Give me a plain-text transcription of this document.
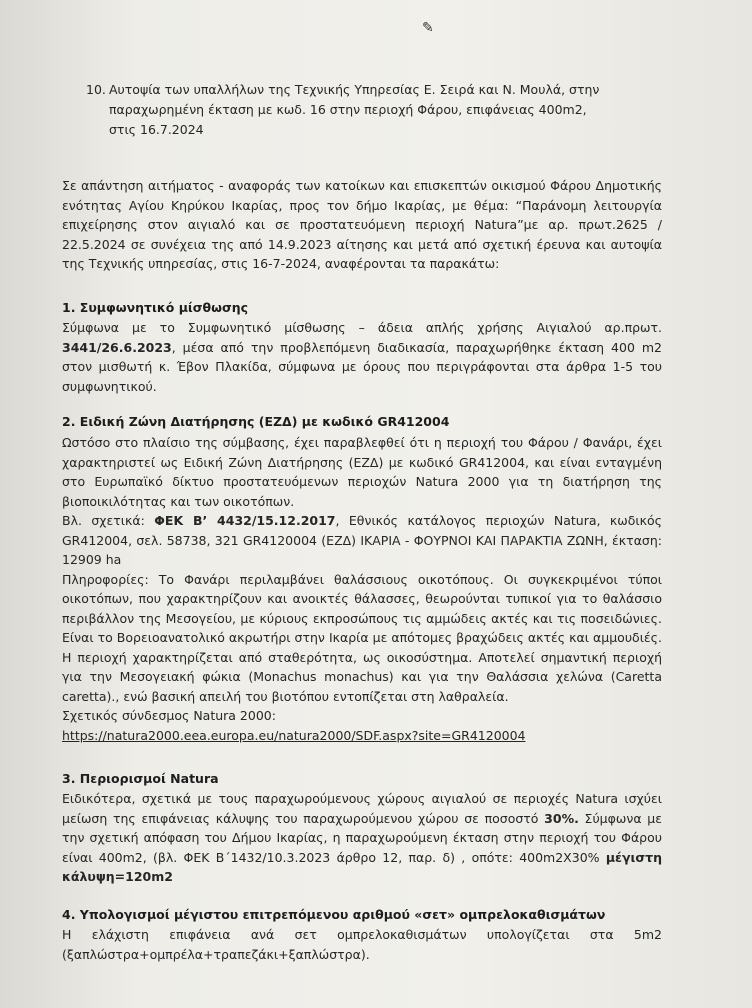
✎
10. Αυτοψία των υπαλλήλων της Τεχνικής Υπηρεσίας Ε. Σειρά και Ν. Μουλά, στην παραχωρημένη έκταση με κωδ. 16 στην περιοχή Φάρου, επιφάνειας 400m2, στις 16.7.2024
Σε απάντηση αιτήματος - αναφοράς των κατοίκων και επισκεπτών οικισμού Φάρου Δημοτικής ενότητας Αγίου Κηρύκου Ικαρίας, προς τον δήμο Ικαρίας, με θέμα: “Παράνομη λειτουργία επιχείρησης στον αιγιαλό και σε προστατευόμενη περιοχή Natura”με αρ. πρωτ.2625 / 22.5.2024 σε συνέχεια της από 14.9.2023 αίτησης και μετά από σχετική έρευνα και αυτοψία της Τεχνικής υπηρεσίας, στις 16-7-2024, αναφέρονται τα παρακάτω:
1. Συμφωνητικό μίσθωσης
Σύμφωνα με το Συμφωνητικό μίσθωσης – άδεια απλής χρήσης Αιγιαλού αρ.πρωτ. 3441/26.6.2023, μέσα από την προβλεπόμενη διαδικασία, παραχωρήθηκε έκταση 400 m2 στον μισθωτή κ. Έβον Πλακίδα, σύμφωνα με όρους που περιγράφονται στα άρθρα 1-5 του συμφωνητικού.
2. Ειδική Ζώνη Διατήρησης (ΕΖΔ) με κωδικό GR412004
Ωστόσο στο πλαίσιο της σύμβασης, έχει παραβλεφθεί ότι η περιοχή του Φάρου / Φανάρι, έχει χαρακτηριστεί ως Ειδική Ζώνη Διατήρησης (ΕΖΔ) με κωδικό GR412004, και είναι ενταγμένη στο Ευρωπαϊκό δίκτυο προστατευόμενων περιοχών Natura 2000 για τη διατήρηση της βιοποικιλότητας και των οικοτόπων.
Βλ. σχετικά: ΦΕΚ Β’ 4432/15.12.2017, Εθνικός κατάλογος περιοχών Natura, κωδικός GR412004, σελ. 58738, 321 GR4120004 (ΕΖΔ) ΙΚΑΡΙΑ - ΦΟΥΡΝΟΙ ΚΑΙ ΠΑΡΑΚΤΙΑ ΖΩΝΗ, έκταση: 12909 ha
Πληροφορίες: Το Φανάρι περιλαμβάνει θαλάσσιους οικοτόπους. Οι συγκεκριμένοι τύποι οικοτόπων, που χαρακτηρίζουν και ανοικτές θάλασσες, θεωρούνται τυπικοί για το θαλάσσιο περιβάλλον της Μεσογείου, με κύριους εκπροσώπους τις αμμώδεις ακτές και τις ποσειδώνιες. Είναι το Βορειοανατολικό ακρωτήρι στην Ικαρία με απότομες βραχώδεις ακτές και αμμουδιές. Η περιοχή χαρακτηρίζεται από σταθερότητα, ως οικοσύστημα. Αποτελεί σημαντική περιοχή για την Μεσογειακή φώκια (Monachus monachus) και για την Θαλάσσια χελώνα (Caretta caretta)., ενώ βασική απειλή του βιοτόπου εντοπίζεται στη λαθραλεία.
Σχετικός σύνδεσμος Natura 2000:
https://natura2000.eea.europa.eu/natura2000/SDF.aspx?site=GR4120004
3. Περιορισμοί Natura
Ειδικότερα, σχετικά με τους παραχωρούμενους χώρους αιγιαλού σε περιοχές Natura ισχύει μείωση της επιφάνειας κάλυψης του παραχωρούμενου χώρου σε ποσοστό 30%. Σύμφωνα με την σχετική απόφαση του Δήμου Ικαρίας, η παραχωρούμενη έκταση στην περιοχή του Φάρου είναι 400m2, (βλ. ΦΕΚ Β΄1432/10.3.2023 άρθρο 12, παρ. δ) , οπότε: 400m2Χ30% μέγιστη κάλυψη=120m2
4. Υπολογισμοί μέγιστου επιτρεπόμενου αριθμού «σετ» ομπρελοκαθισμάτων
Η ελάχιστη επιφάνεια ανά σετ ομπρελοκαθισμάτων υπολογίζεται στα 5m2 (ξαπλώστρα+ομπρέλα+τραπεζάκι+ξαπλώστρα).
